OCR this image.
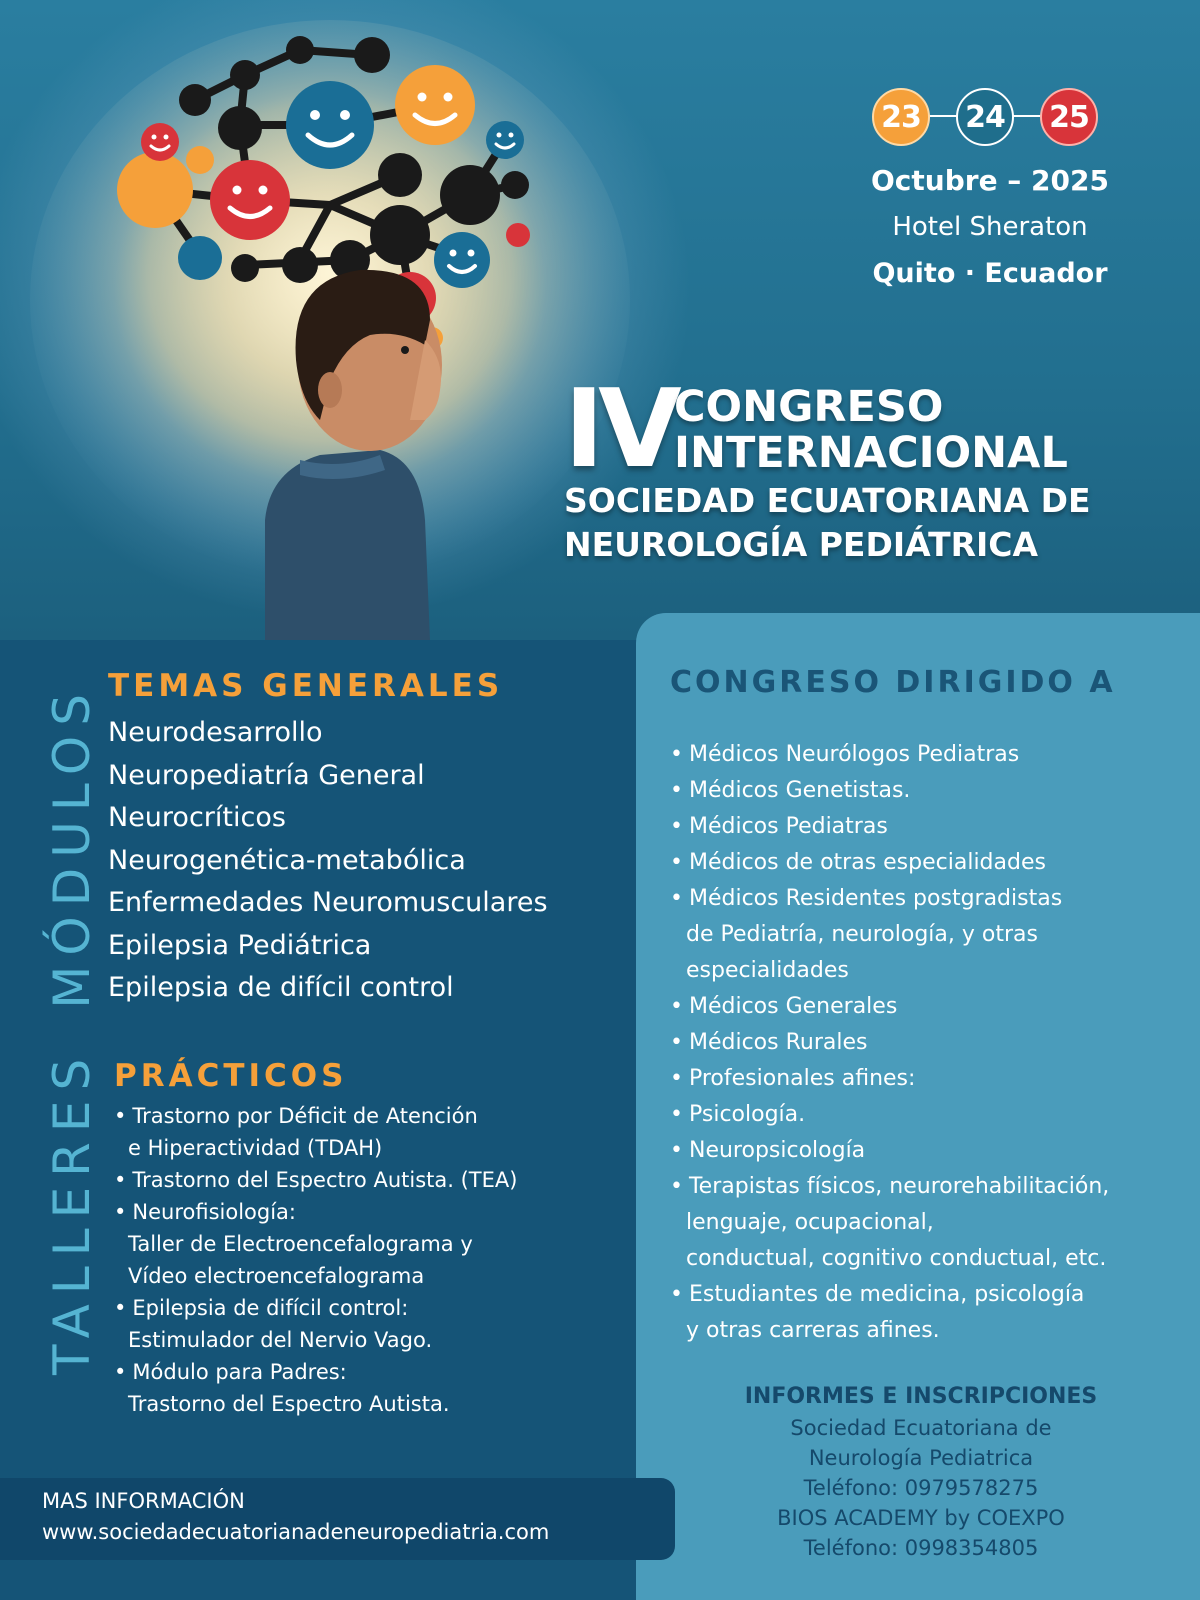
23	24	25
Octubre – 2025
Hotel Sheraton
Quito · Ecuador
IV
CONGRESO
INTERNACIONAL
SOCIEDAD ECUATORIANA DE
NEUROLOGÍA PEDIÁTRICA
TALLERESMÓDULOS TEMAS GENERALES
Neurodesarrollo
Neuropediatría General
Neurocríticos
Neurogenética-metabólica
Enfermedades Neuromusculares
Epilepsia Pediátrica
Epilepsia de difícil control
PRÁCTICOS
• Trastorno por Déficit de Atención
e Hiperactividad (TDAH)
• Trastorno del Espectro Autista. (TEA)
• Neurofisiología:
Taller de Electroencefalograma y
Vídeo electroencefalograma
• Epilepsia de difícil control:
Estimulador del Nervio Vago.
• Módulo para Padres:
Trastorno del Espectro Autista.
CONGRESO DIRIGIDO A
• Médicos Neurólogos Pediatras
• Médicos Genetistas.
• Médicos Pediatras
• Médicos de otras especialidades
• Médicos Residentes postgradistas
de Pediatría, neurología, y otras
especialidades
• Médicos Generales
• Médicos Rurales
• Profesionales afines:
• Psicología.
• Neuropsicología
• Terapistas físicos, neurorehabilitación,
lenguaje, ocupacional,
conductual, cognitivo conductual, etc.
• Estudiantes de medicina, psicología
y otras carreras afines.
INFORMES E INSCRIPCIONES
Sociedad Ecuatoriana de
Neurología Pediatrica
Teléfono: 0979578275
BIOS ACADEMY by COEXPO
Teléfono: 0998354805
MAS INFORMACIÓN
www.sociedadecuatorianadeneuropediatria.com
